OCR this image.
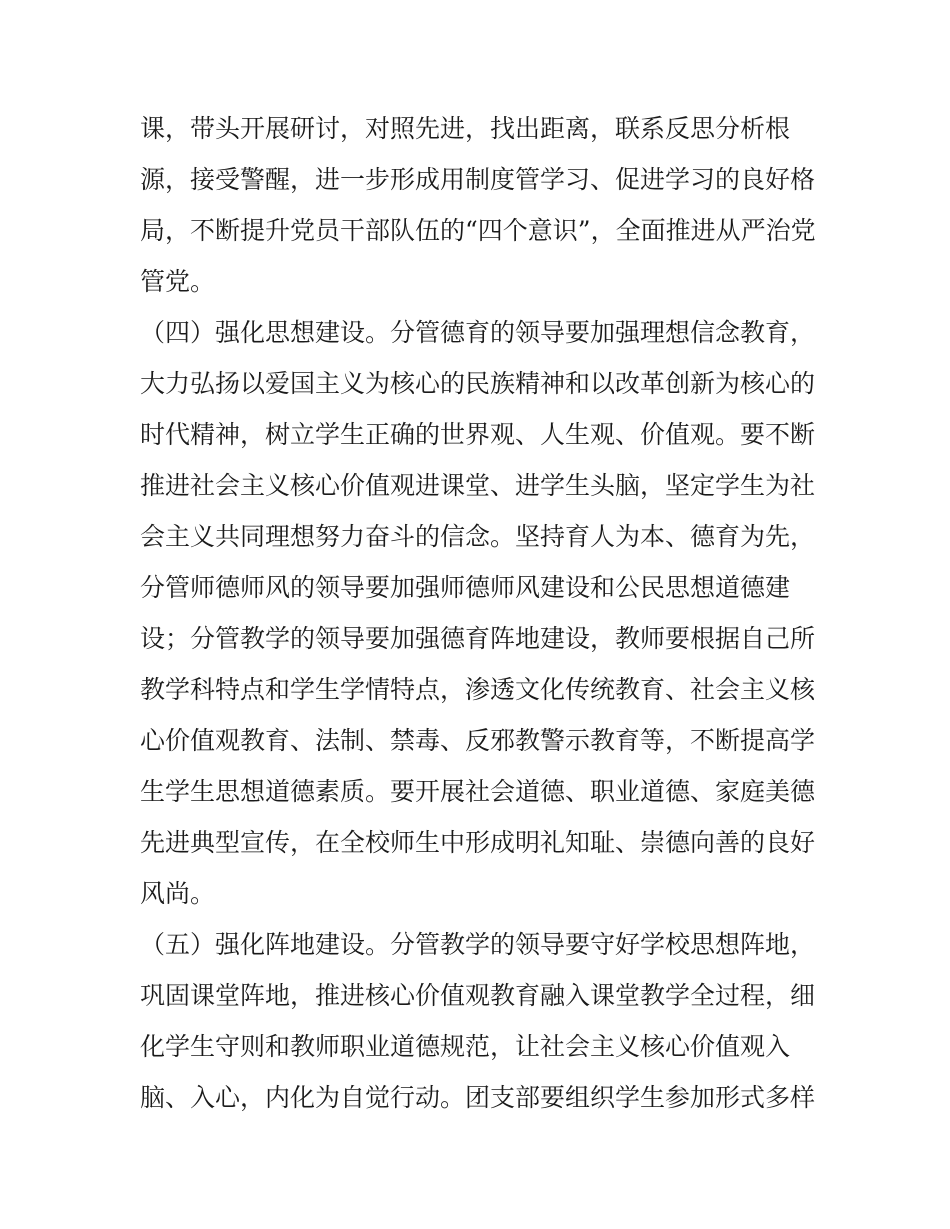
课，带头开展研讨，对照先进，找出距离，联系反思分析根

源，接受警醒，进一步形成用制度管学习、促进学习的良好格

局，不断提升党员干部队伍的“四个意识”，全面推进从严治党

管党。

（四）强化思想建设。分管德育的领导要加强理想信念教育，

大力弘扬以爱国主义为核心的民族精神和以改革创新为核心的

时代精神，树立学生正确的世界观、人生观、价值观。要不断

推进社会主义核心价值观进课堂、进学生头脑，坚定学生为社

会主义共同理想努力奋斗的信念。坚持育人为本、德育为先，

分管师德师风的领导要加强师德师风建设和公民思想道德建

设；分管教学的领导要加强德育阵地建设，教师要根据自己所

教学科特点和学生学情特点，渗透文化传统教育、社会主义核

心价值观教育、法制、禁毒、反邪教警示教育等，不断提高学

生学生思想道德素质。要开展社会道德、职业道德、家庭美德

先进典型宣传，在全校师生中形成明礼知耻、崇德向善的良好

风尚。

（五）强化阵地建设。分管教学的领导要守好学校思想阵地，

巩固课堂阵地，推进核心价值观教育融入课堂教学全过程，细

化学生守则和教师职业道德规范，让社会主义核心价值观入

脑、入心，内化为自觉行动。团支部要组织学生参加形式多样
